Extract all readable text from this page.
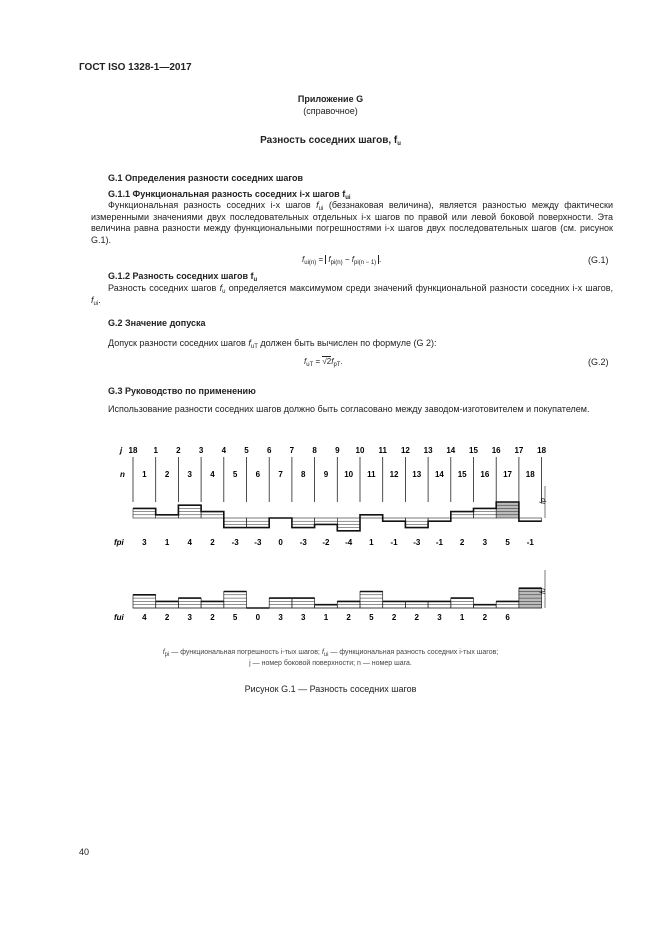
ГОСТ ISO 1328-1—2017
Приложение G
(справочное)
Разность соседних шагов, $f_u$
G.1 Определения разности соседних шагов
G.1.1 Функциональная разность соседних i-х шагов $f_{ui}$
Функциональная разность соседних i-х шагов $f_{ui}$ (беззнаковая величина), является разностью между фактически измеренными значениями двух последовательных отдельных i-х шагов по правой или левой боковой поверхности. Эта величина равна разности между функциональными погрешностями i-х шагов двух последовательных шагов (см. рисунок G.1).
$f_{ui(n)} = f_{pi(n)} - f_{pi(n - 1)}$ .	(G.1)
G.1.2 Разность соседних шагов $f_u$
Разность соседних шагов $f_u$ определяется максимумом среди значений функциональной разности соседних i-х шагов, $f_{ui}$.
G.2 Значение допуска
Допуск разности соседних шагов $f_{uT}$ должен быть вычислен по формуле (G 2):
$f_{uT} = √2f_{pT}$.	(G.2)
G.3 Руководство по применению
Использование разности соседних шагов должно быть согласовано между заводом-изготовителем и покупателем.
18 1 2 3 4 5 6 7 8 9 10 11 12 13 14 15 16 17 18
j
n 1 2 3 4 5 6 7 8 9 10 11 12 13 14 15 16 17 18
fp
fpi 3 1 4 2 -3 -3 0 -3 -2 -4 1 -1 -3 -1 2 3 5 -1
fu
fui 4 2 3 2 5 0 3 3 1 2 5 2 2 3 1 2 6
$f_{pi}$ — функциональная погрешность i-тых шагов; $f_{ui}$ — функциональная разность соседних i-тых шагов;
j — номер боковой поверхности; n — номер шага.
Рисунок G.1 — Разность соседних шагов
40
